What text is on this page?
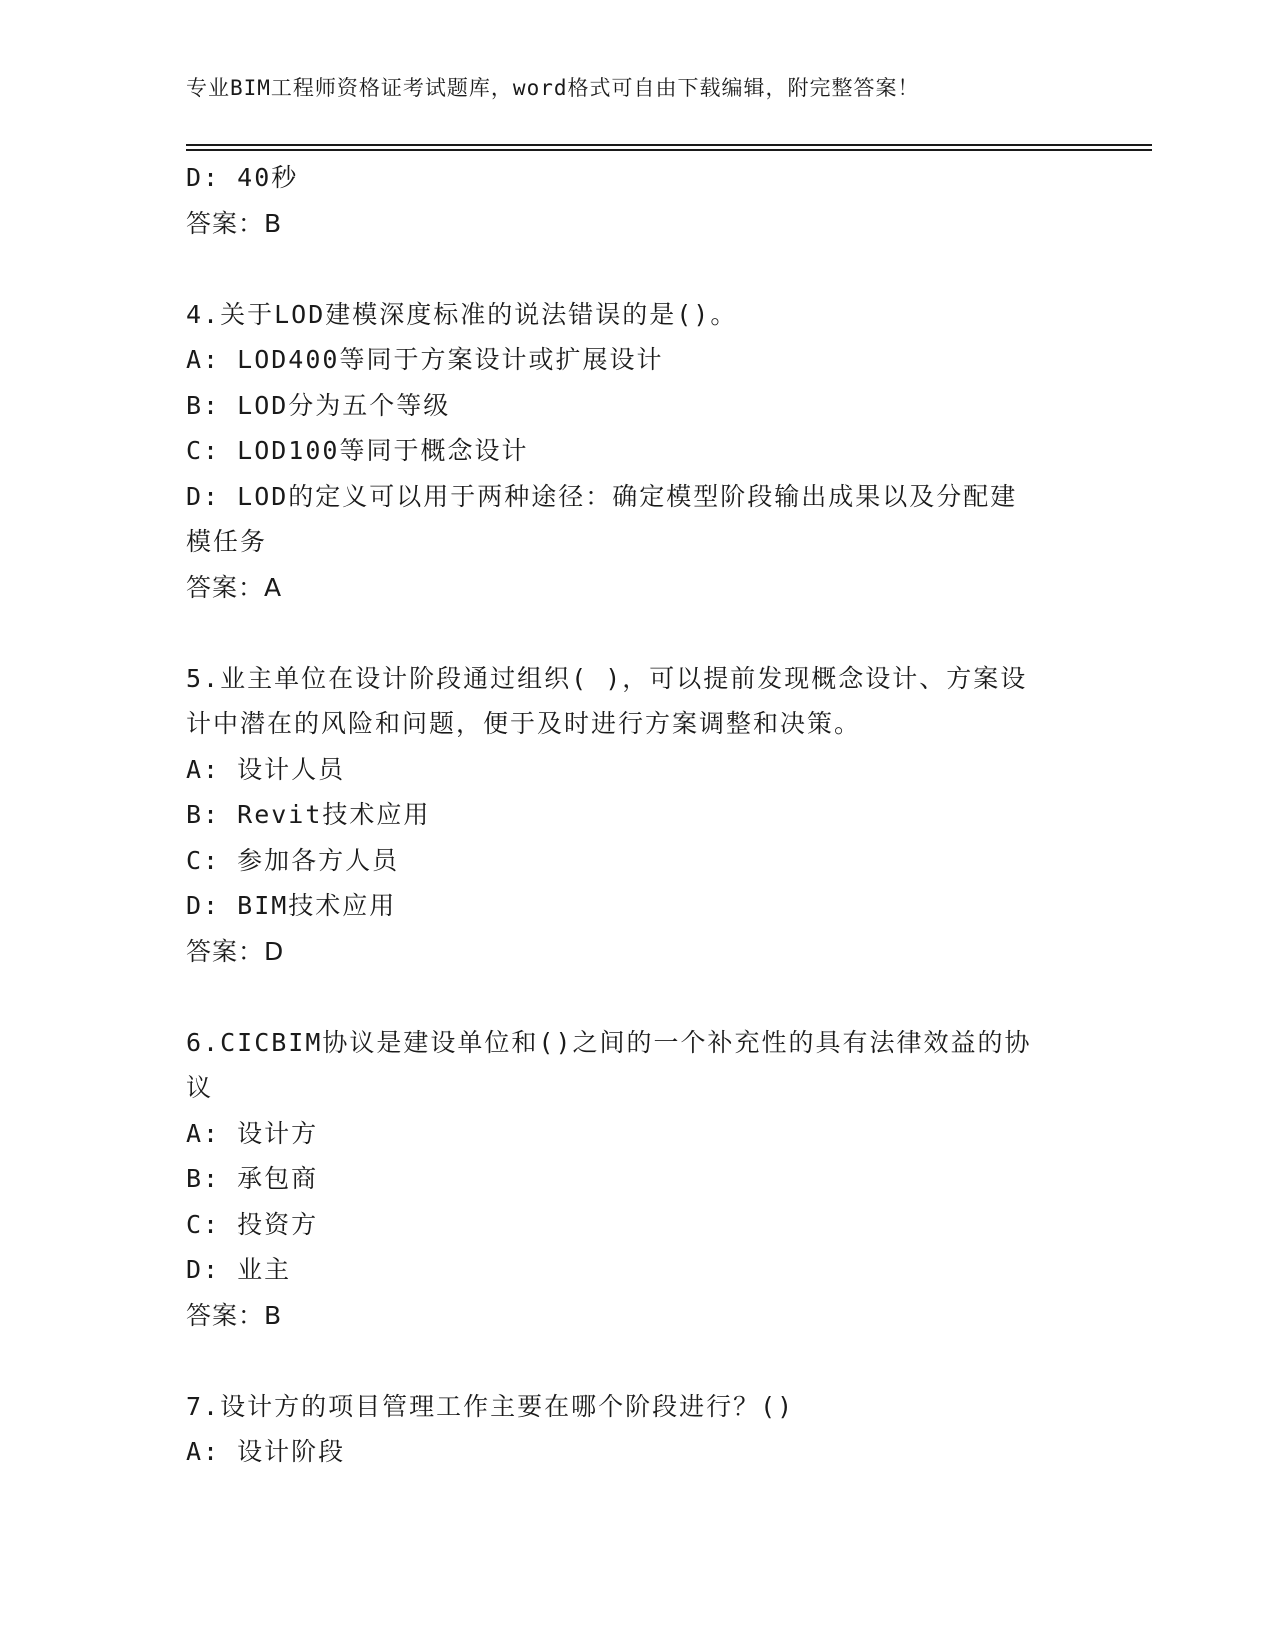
专业BIM工程师资格证考试题库，word格式可自由下载编辑，附完整答案！
D: 40秒
答案：B
4.关于LOD建模深度标准的说法错误的是()。
A: LOD400等同于方案设计或扩展设计
B: LOD分为五个等级
C: LOD100等同于概念设计
D: LOD的定义可以用于两种途径：确定模型阶段输出成果以及分配建
模任务
答案：A
5.业主单位在设计阶段通过组织( )，可以提前发现概念设计、方案设
计中潜在的风险和问题，便于及时进行方案调整和决策。
A: 设计人员
B: Revit技术应用
C: 参加各方人员
D: BIM技术应用
答案：D
6.CICBIM协议是建设单位和()之间的一个补充性的具有法律效益的协
议
A: 设计方
B: 承包商
C: 投资方
D: 业主
答案：B
7.设计方的项目管理工作主要在哪个阶段进行？()
A: 设计阶段
